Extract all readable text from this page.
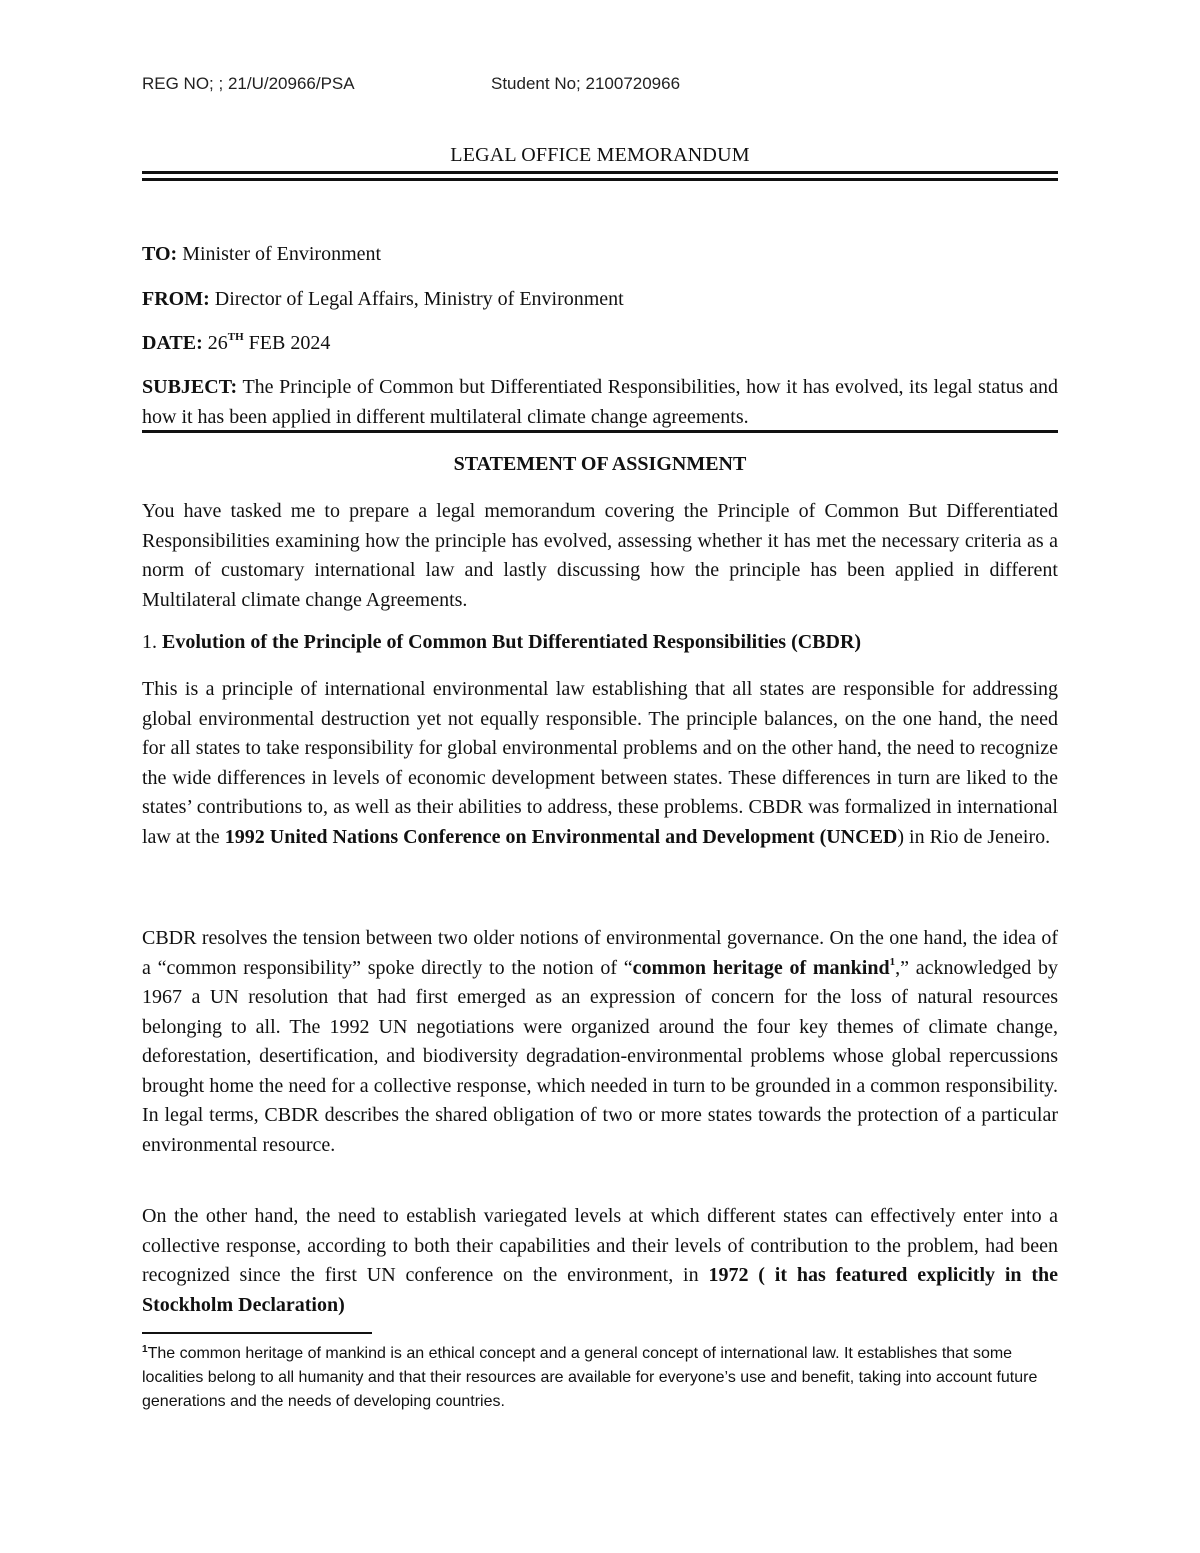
REG NO; ; 21/U/20966/PSA	Student No; 2100720966
LEGAL OFFICE MEMORANDUM
TO: Minister of Environment
FROM: Director of Legal Affairs, Ministry of Environment
DATE: 26TH FEB 2024
SUBJECT: The Principle of Common but Differentiated Responsibilities, how it has evolved, its legal status and how it has been applied in different multilateral climate change agreements.
STATEMENT OF ASSIGNMENT

You have tasked me to prepare a legal memorandum covering the Principle of Common But Differentiated Responsibilities examining how the principle has evolved, assessing whether it has met the necessary criteria as a norm of customary international law and lastly discussing how the principle has been applied in different Multilateral climate change Agreements.

1. Evolution of the Principle of Common But Differentiated Responsibilities (CBDR)

This is a principle of international environmental law establishing that all states are responsible for addressing global environmental destruction yet not equally responsible. The principle balances, on the one hand, the need for all states to take responsibility for global environmental problems and on the other hand, the need to recognize the wide differences in levels of economic development between states. These differences in turn are liked to the states’ contributions to, as well as their abilities to address, these problems. CBDR was formalized in international law at the 1992 United Nations Conference on Environmental and Development (UNCED) in Rio de Jeneiro.

CBDR resolves the tension between two older notions of environmental governance. On the one hand, the idea of a “common responsibility” spoke directly to the notion of “common heritage of mankind$^1$,” acknowledged by 1967 a UN resolution that had first emerged as an expression of concern for the loss of natural resources belonging to all. The 1992 UN negotiations were organized around the four key themes of climate change, deforestation, desertification, and biodiversity degradation-environmental problems whose global repercussions brought home the need for a collective response, which needed in turn to be grounded in a common responsibility. In legal terms, CBDR describes the shared obligation of two or more states towards the protection of a particular environmental resource.

On the other hand, the need to establish variegated levels at which different states can effectively enter into a collective response, according to both their capabilities and their levels of contribution to the problem, had been recognized since the first UN conference on the environment, in 1972 ( it has featured explicitly in the Stockholm Declaration)

$^1$The common heritage of mankind is an ethical concept and a general concept of international law. It establishes that some localities belong to all humanity and that their resources are available for everyone’s use and benefit, taking into account future generations and the needs of developing countries.
